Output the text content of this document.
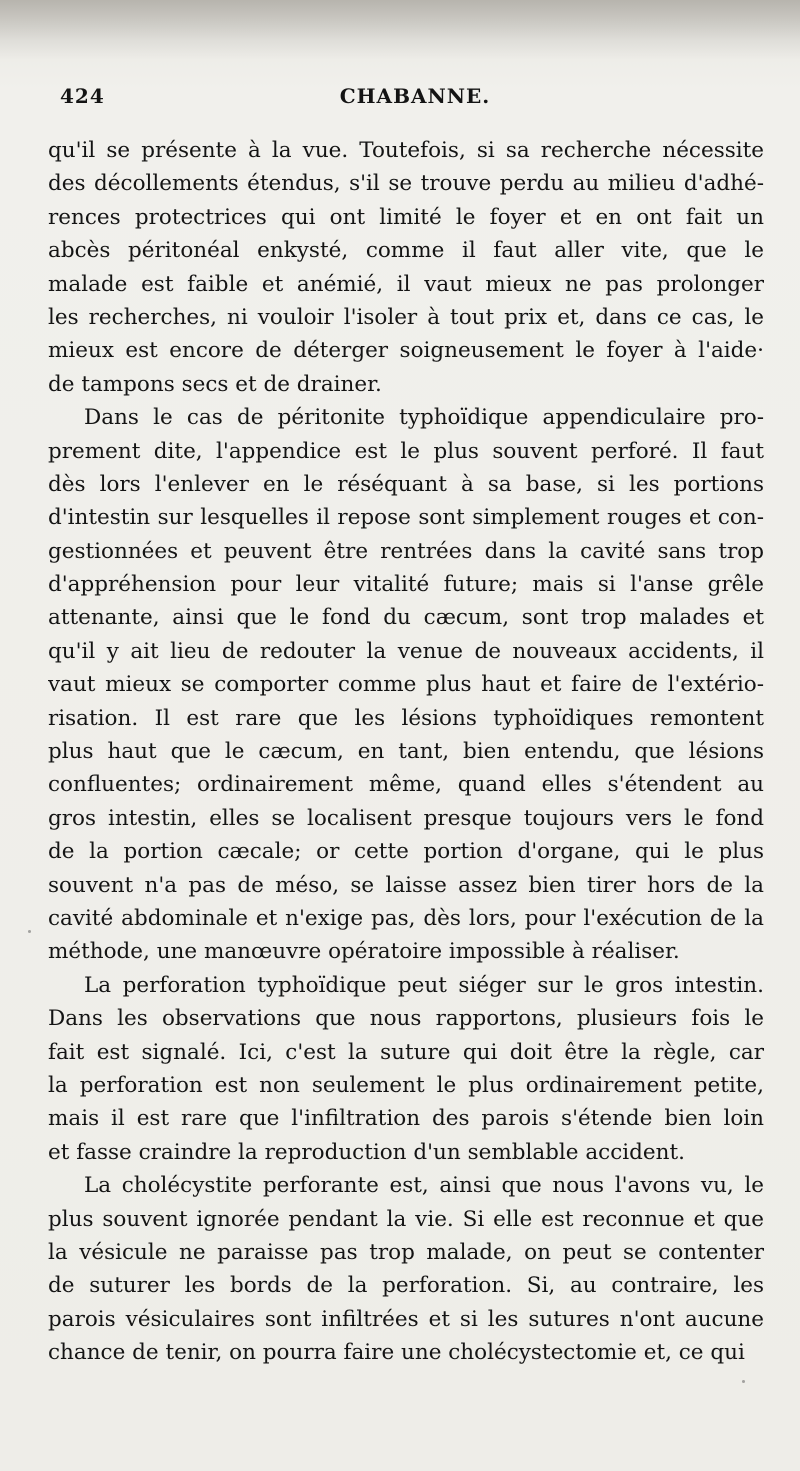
424	CHABANNE.
qu'il se présente à la vue. Toutefois, si sa recherche nécessite
des décollements étendus, s'il se trouve perdu au milieu d'adhé-
rences protectrices qui ont limité le foyer et en ont fait un
abcès péritonéal enkysté, comme il faut aller vite, que le
malade est faible et anémié, il vaut mieux ne pas prolonger
les recherches, ni vouloir l'isoler à tout prix et, dans ce cas, le
mieux est encore de déterger soigneusement le foyer à l'aide·
de tampons secs et de drainer.
Dans le cas de péritonite typhoïdique appendiculaire pro-
prement dite, l'appendice est le plus souvent perforé. Il faut
dès lors l'enlever en le réséquant à sa base, si les portions
d'intestin sur lesquelles il repose sont simplement rouges et con-
gestionnées et peuvent être rentrées dans la cavité sans trop
d'appréhension pour leur vitalité future; mais si l'anse grêle
attenante, ainsi que le fond du cæcum, sont trop malades et
qu'il y ait lieu de redouter la venue de nouveaux accidents, il
vaut mieux se comporter comme plus haut et faire de l'extério-
risation. Il est rare que les lésions typhoïdiques remontent
plus haut que le cæcum, en tant, bien entendu, que lésions
confluentes; ordinairement même, quand elles s'étendent au
gros intestin, elles se localisent presque toujours vers le fond
de la portion cæcale; or cette portion d'organe, qui le plus
souvent n'a pas de méso, se laisse assez bien tirer hors de la
cavité abdominale et n'exige pas, dès lors, pour l'exécution de la
méthode, une manœuvre opératoire impossible à réaliser.
La perforation typhoïdique peut siéger sur le gros intestin.
Dans les observations que nous rapportons, plusieurs fois le
fait est signalé. Ici, c'est la suture qui doit être la règle, car
la perforation est non seulement le plus ordinairement petite,
mais il est rare que l'infiltration des parois s'étende bien loin
et fasse craindre la reproduction d'un semblable accident.
La cholécystite perforante est, ainsi que nous l'avons vu, le
plus souvent ignorée pendant la vie. Si elle est reconnue et que
la vésicule ne paraisse pas trop malade, on peut se contenter
de suturer les bords de la perforation. Si, au contraire, les
parois vésiculaires sont infiltrées et si les sutures n'ont aucune
chance de tenir, on pourra faire une cholécystectomie et, ce qui
